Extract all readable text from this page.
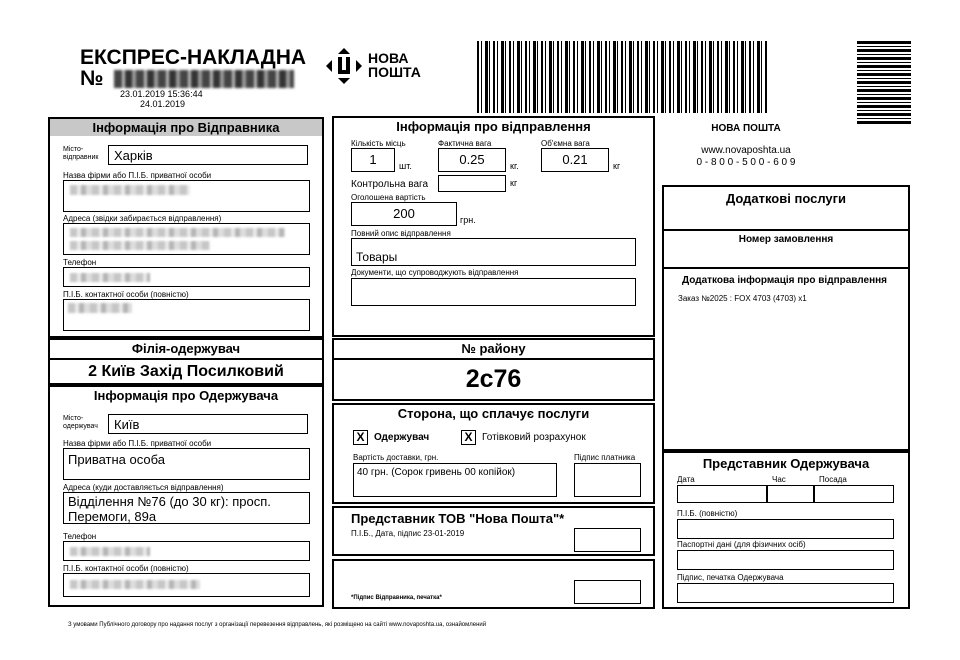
ЕКСПРЕС-НАКЛАДНА
№
23.01.2019 15:36:44
24.01.2019
НОВА
ПОШТА
НОВА ПОШТА
www.novaposhta.ua
0 - 8 0 0 - 5 0 0 - 6 0 9
Інформація про Відправника
Місто-відправник	Харків
Назва фірми або П.І.Б. приватної особи
Адреса (звідки забирається відправлення)
Телефон
П.І.Б. контактної особи (повністю)
Філія-одержувач
2 Київ Захід Посилковий
Інформація про Одержувача
Місто-одержувач	Київ
Назва фірми або П.І.Б. приватної особи
Приватна особа
Адреса (куди доставляється відправлення)
Відділення №76 (до 30 кг): просп.
Перемоги, 89а
Телефон
П.І.Б. контактної особи (повністю)
Інформація про відправлення
Кількість місць
1	шт.
Фактична вага
0.25	кг.
Об'ємна вага
0.21	кг
Контрольна вага	кг
Оголошена вартість
200	грн.
Повний опис відправлення
Товары
Документи, що супроводжують відправлення
№ району
2с76
Сторона, що сплачує послуги
X Одержувач	X Готівковий розрахунок
Вартість доставки, грн.
40 грн. (Сорок гривень 00 копійок)
Підпис платника
Представник ТОВ "Нова Пошта"*
П.І.Б., Дата, підпис 23-01-2019
*Підпис Відправника, печатка*
Додаткові послуги
Номер замовлення
Додаткова інформація про відправлення
Заказ №2025 : FOX 4703 (4703) x1
Представник Одержувача
Дата	Час	Посада
П.І.Б. (повністю)
Паспортні дані (для фізичних осіб)
Підпис, печатка Одержувача
З умовами Публічного договору про надання послуг з організації перевезення відправлень, які розміщено на сайті www.novaposhta.ua, ознайомлений
